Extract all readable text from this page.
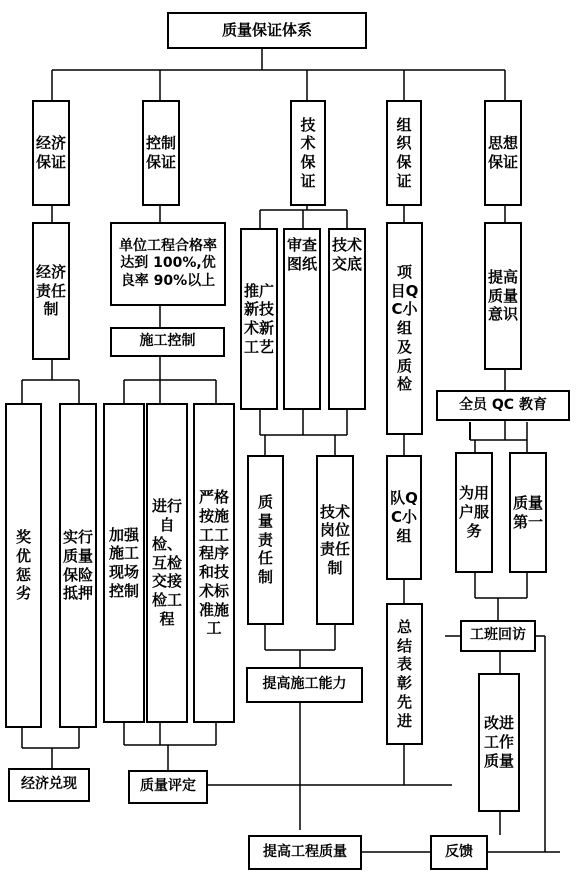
质量保证体系
经济保证
经济责任制
奖优惩劣
实行质量保险抵押
经济兑现
控制保证
单位工程合格率达到 100%,优良率 90%以上
施工控制
加强施工现场控制
进行自检、互检交接检工程
严格按施工工程序和技术标准施工
质量评定
技术保证
推广新技术新工艺
审查图纸
技术交底
质量责任制
技术岗位责任制
提高施工能力
组织保证
项目QC小组及质检
队QC小组
总结表彰先进
思想保证
提高质量意识
全员 QC 教育
为用户服务
质量第一
工班回访
改进工作质量
提高工程质量	反馈
